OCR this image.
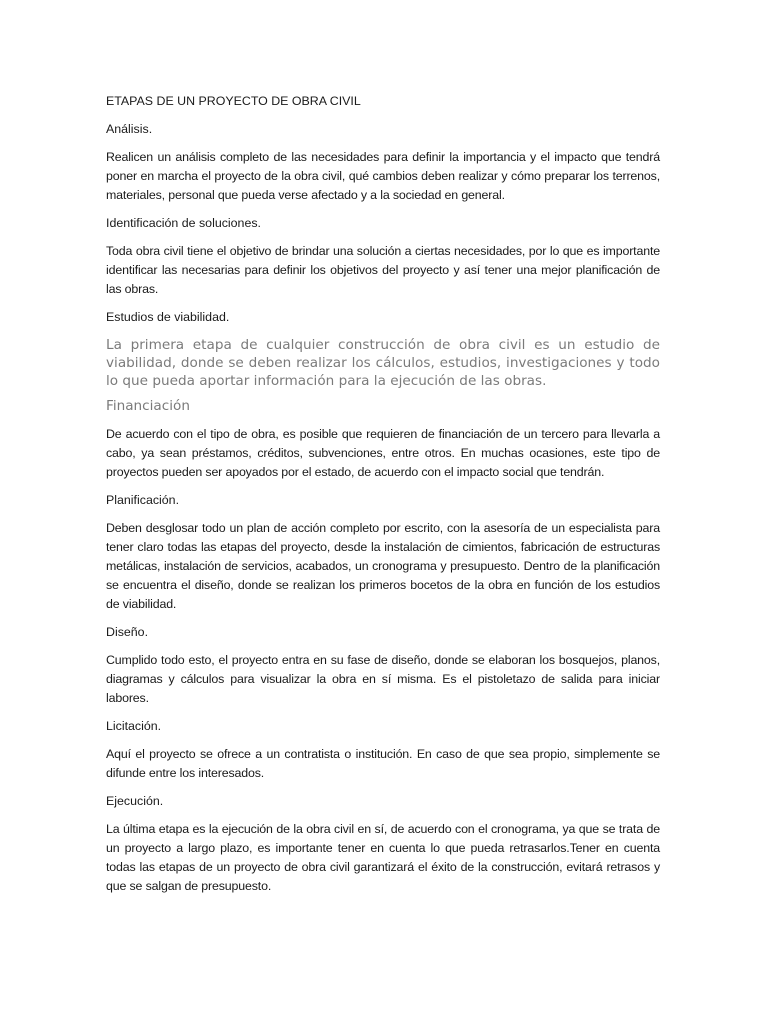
ETAPAS DE UN PROYECTO DE OBRA CIVIL
Análisis.

Realicen un análisis completo de las necesidades para definir la importancia y el impacto que tendrá poner en marcha el proyecto de la obra civil, qué cambios deben realizar y cómo preparar los terrenos, materiales, personal que pueda verse afectado y a la sociedad en general.

Identificación de soluciones.

Toda obra civil tiene el objetivo de brindar una solución a ciertas necesidades, por lo que es importante identificar las necesarias para definir los objetivos del proyecto y así tener una mejor planificación de las obras.

Estudios de viabilidad.

La primera etapa de cualquier construcción de obra civil es un estudio de viabilidad, donde se deben realizar los cálculos, estudios, investigaciones y todo lo que pueda aportar información para la ejecución de las obras.

Financiación

De acuerdo con el tipo de obra, es posible que requieren de financiación de un tercero para llevarla a cabo, ya sean préstamos, créditos, subvenciones, entre otros. En muchas ocasiones, este tipo de proyectos pueden ser apoyados por el estado, de acuerdo con el impacto social que tendrán.

Planificación.

Deben desglosar todo un plan de acción completo por escrito, con la asesoría de un especialista para tener claro todas las etapas del proyecto, desde la instalación de cimientos, fabricación de estructuras metálicas, instalación de servicios, acabados, un cronograma y presupuesto. Dentro de la planificación se encuentra el diseño, donde se realizan los primeros bocetos de la obra en función de los estudios de viabilidad.

Diseño.

Cumplido todo esto, el proyecto entra en su fase de diseño, donde se elaboran los bosquejos, planos, diagramas y cálculos para visualizar la obra en sí misma. Es el pistoletazo de salida para iniciar labores.

Licitación.

Aquí el proyecto se ofrece a un contratista o institución. En caso de que sea propio, simplemente se difunde entre los interesados.

Ejecución.

La última etapa es la ejecución de la obra civil en sí, de acuerdo con el cronograma, ya que se trata de un proyecto a largo plazo, es importante tener en cuenta lo que pueda retrasarlos.Tener en cuenta todas las etapas de un proyecto de obra civil garantizará el éxito de la construcción, evitará retrasos y que se salgan de presupuesto.
